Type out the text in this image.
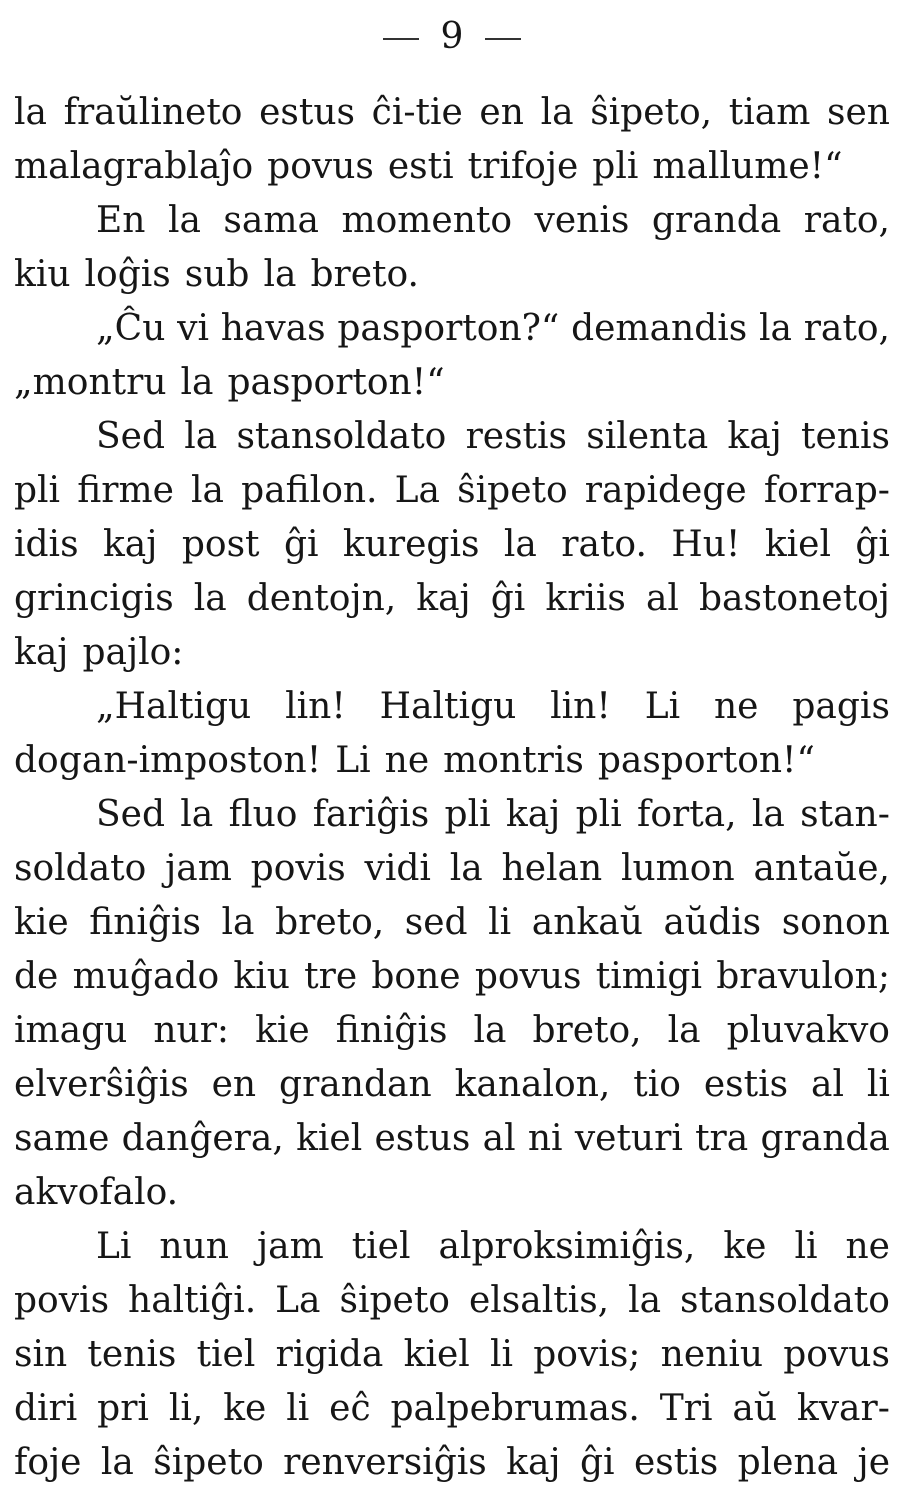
9
la fraŭlineto estus ĉi-tie en la ŝipeto, tiam sen
malagrablaĵo povus esti trifoje pli mallume!“
En la sama momento venis granda rato,
kiu loĝis sub la breto.
„Ĉu vi havas pasporton?“ demandis la rato,
„montru la pasporton!“
Sed la stansoldato restis silenta kaj tenis
pli firme la pafilon. La ŝipeto rapidege forrap-
idis kaj post ĝi kuregis la rato. Hu! kiel ĝi
grincigis la dentojn, kaj ĝi kriis al bastonetoj
kaj pajlo:
„Haltigu lin! Haltigu lin! Li ne pagis
dogan-imposton! Li ne montris pasporton!“
Sed la fluo fariĝis pli kaj pli forta, la stan-
soldato jam povis vidi la helan lumon antaŭe,
kie finiĝis la breto, sed li ankaŭ aŭdis sonon
de muĝado kiu tre bone povus timigi bravulon;
imagu nur: kie finiĝis la breto, la pluvakvo
elverŝiĝis en grandan kanalon, tio estis al li
same danĝera, kiel estus al ni veturi tra granda
akvofalo.
Li nun jam tiel alproksimiĝis, ke li ne
povis haltiĝi. La ŝipeto elsaltis, la stansoldato
sin tenis tiel rigida kiel li povis; neniu povus
diri pri li, ke li eĉ palpebrumas. Tri aŭ kvar-
foje la ŝipeto renversiĝis kaj ĝi estis plena je
